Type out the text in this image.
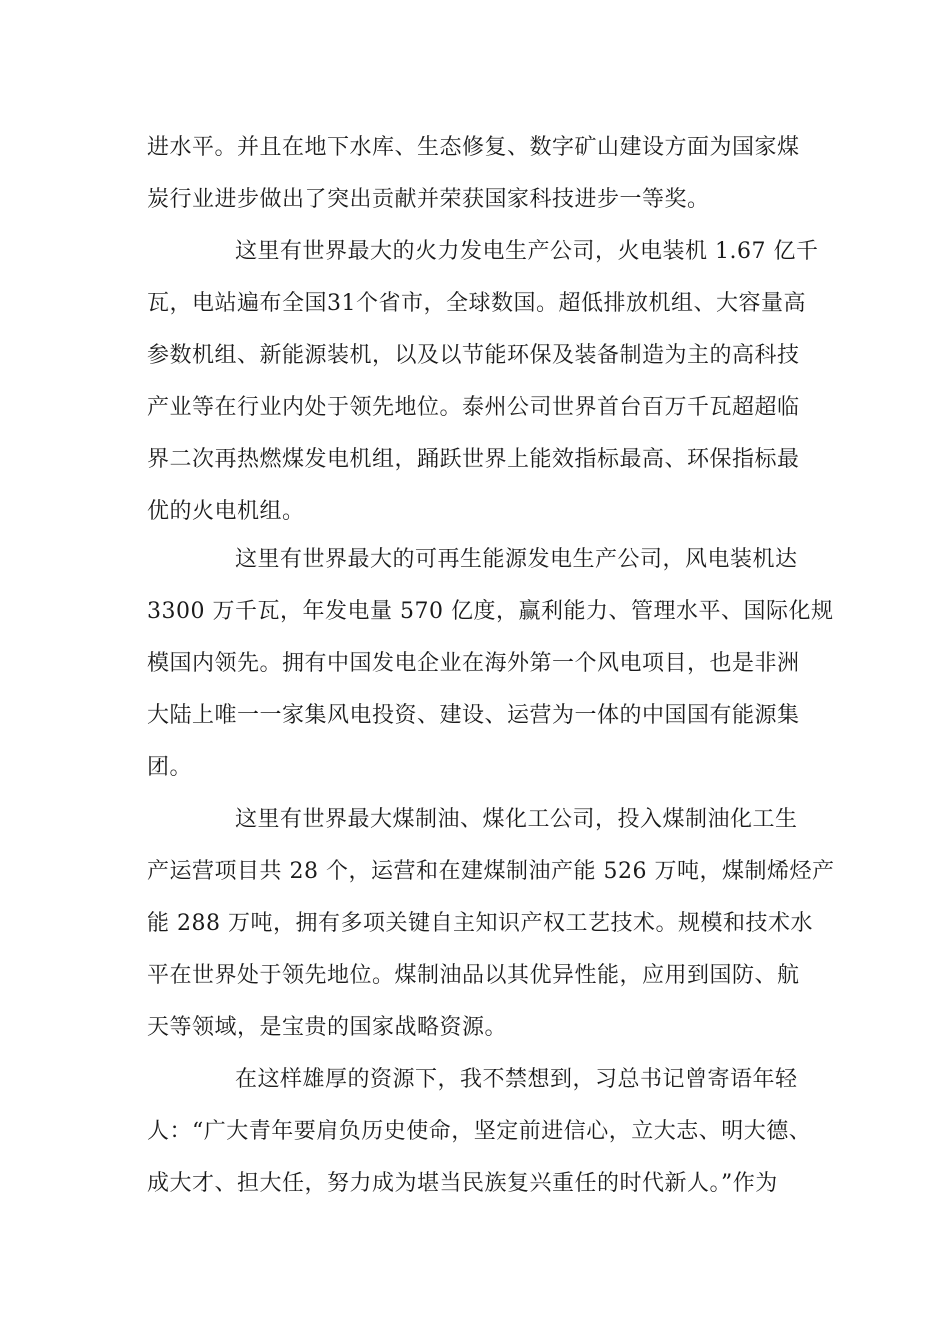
进水平。并且在地下水库、生态修复、数字矿山建设方面为国家煤
炭行业进步做出了突出贡献并荣获国家科技进步一等奖。
这里有世界最大的火力发电生产公司，火电装机 1.67 亿千
瓦，电站遍布全国31个省市，全球数国。超低排放机组、大容量高
参数机组、新能源装机，以及以节能环保及装备制造为主的高科技
产业等在行业内处于领先地位。泰州公司世界首台百万千瓦超超临
界二次再热燃煤发电机组，踊跃世界上能效指标最高、环保指标最
优的火电机组。
这里有世界最大的可再生能源发电生产公司，风电装机达
3300 万千瓦，年发电量 570 亿度，赢利能力、管理水平、国际化规
模国内领先。拥有中国发电企业在海外第一个风电项目，也是非洲
大陆上唯一一家集风电投资、建设、运营为一体的中国国有能源集
团。
这里有世界最大煤制油、煤化工公司，投入煤制油化工生
产运营项目共 28 个，运营和在建煤制油产能 526 万吨，煤制烯烃产
能 288 万吨，拥有多项关键自主知识产权工艺技术。规模和技术水
平在世界处于领先地位。煤制油品以其优异性能，应用到国防、航
天等领域，是宝贵的国家战略资源。
在这样雄厚的资源下，我不禁想到，习总书记曾寄语年轻
人：“广大青年要肩负历史使命，坚定前进信心，立大志、明大德、
成大才、担大任，努力成为堪当民族复兴重任的时代新人。”作为
